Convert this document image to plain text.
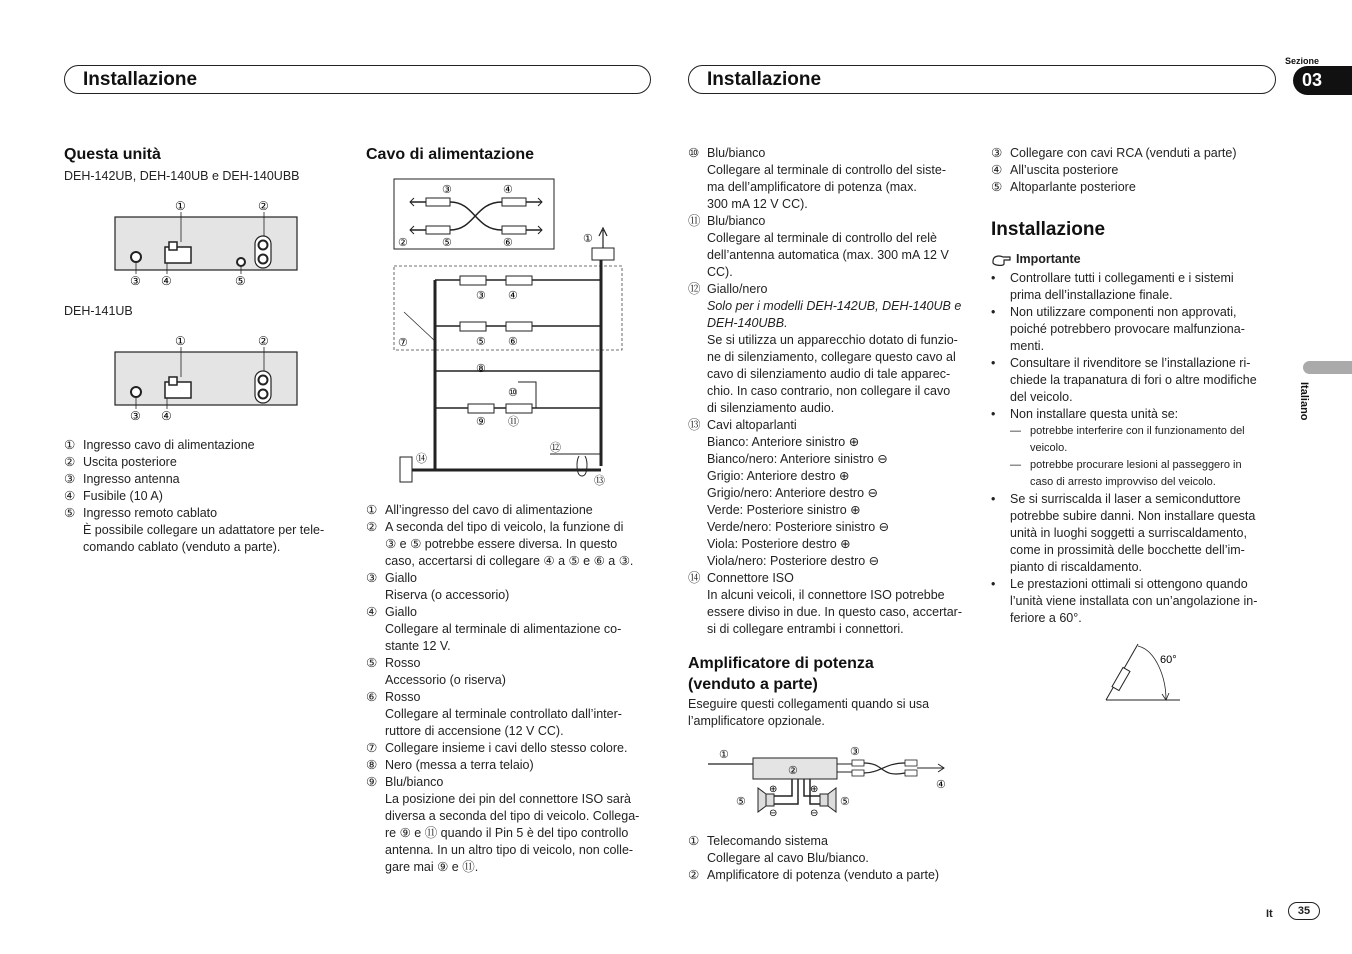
Installazione	Installazione
Sezione
03
Italiano
It	35
Questa unità
DEH-142UB, DEH-140UB e DEH-140UBB
①	②
③ ④	⑤
DEH-141UB
①	②
③ ④
① Ingresso cavo di alimentazione
② Uscita posteriore
③ Ingresso antenna
④ Fusibile (10 A)
⑤ Ingresso remoto cablato
È possibile collegare un adattatore per tele-
comando cablato (venduto a parte).
Cavo di alimentazione
③	④
②	⑤	⑥	①
③ ④
⑤ ⑥
⑦
⑧
⑨
⑩
⑪
⑫
⑬
⑭
① All’ingresso del cavo di alimentazione
② A seconda del tipo di veicolo, la funzione di
③ e ⑤ potrebbe essere diversa. In questo
caso, accertarsi di collegare ④ a ⑤ e ⑥ a ③.
③ Giallo
Riserva (o accessorio)
④ Giallo
Collegare al terminale di alimentazione co-
stante 12 V.
⑤ Rosso
Accessorio (o riserva)
⑥ Rosso
Collegare al terminale controllato dall’inter-
ruttore di accensione (12 V CC).
⑦ Collegare insieme i cavi dello stesso colore.
⑧ Nero (messa a terra telaio)
⑨ Blu/bianco
La posizione dei pin del connettore ISO sarà
diversa a seconda del tipo di veicolo. Collega-
re ⑨ e ⑪ quando il Pin 5 è del tipo controllo
antenna. In un altro tipo di veicolo, non colle-
gare mai ⑨ e ⑪.
⑩ Blu/bianco
Collegare al terminale di controllo del siste-
ma dell’amplificatore di potenza (max.
300 mA 12 V CC).
⑪ Blu/bianco
Collegare al terminale di controllo del relè
dell’antenna automatica (max. 300 mA 12 V
CC).
⑫ Giallo/nero
Solo per i modelli DEH-142UB, DEH-140UB e
DEH-140UBB.
Se si utilizza un apparecchio dotato di funzio-
ne di silenziamento, collegare questo cavo al
cavo di silenziamento audio di tale apparec-
chio. In caso contrario, non collegare il cavo
di silenziamento audio.
⑬ Cavi altoparlanti
Bianco: Anteriore sinistro ⊕
Bianco/nero: Anteriore sinistro ⊖
Grigio: Anteriore destro ⊕
Grigio/nero: Anteriore destro ⊖
Verde: Posteriore sinistro ⊕
Verde/nero: Posteriore sinistro ⊖
Viola: Posteriore destro ⊕
Viola/nero: Posteriore destro ⊖
⑭ Connettore ISO
In alcuni veicoli, il connettore ISO potrebbe
essere diviso in due. In questo caso, accertar-
si di collegare entrambi i connettori.
Amplificatore di potenza
(venduto a parte)
Eseguire questi collegamenti quando si usa
l’amplificatore opzionale.
①
②
③
④
⊕
⊖
⊕
⊖
⑤	⑤
① Telecomando sistema
Collegare al cavo Blu/bianco.
② Amplificatore di potenza (venduto a parte)
③ Collegare con cavi RCA (venduti a parte)
④ All’uscita posteriore
⑤ Altoparlante posteriore
Installazione
Importante
•	Controllare tutti i collegamenti e i sistemi
prima dell’installazione finale.
•	Non utilizzare componenti non approvati,
poiché potrebbero provocare malfunziona-
menti.
•	Consultare il rivenditore se l’installazione ri-
chiede la trapanatura di fori o altre modifiche
del veicolo.
•	Non installare questa unità se:
— potrebbe interferire con il funzionamento del
veicolo.
— potrebbe procurare lesioni al passeggero in
caso di arresto improvviso del veicolo.
•	Se si surriscalda il laser a semiconduttore
potrebbe subire danni. Non installare questa
unità in luoghi soggetti a surriscaldamento,
come in prossimità delle bocchette dell’im-
pianto di riscaldamento.
•	Le prestazioni ottimali si ottengono quando
l’unità viene installata con un’angolazione in-
feriore a 60°.
60°
